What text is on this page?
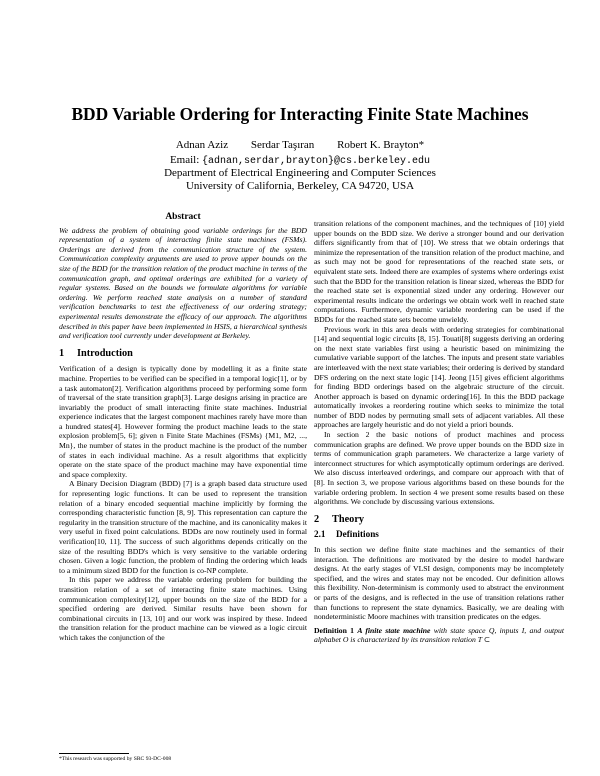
BDD Variable Ordering for Interacting Finite State Machines
Adnan Aziz Serdar Taşıran Robert K. Brayton*
Email: {adnan,serdar,brayton}@cs.berkeley.edu
Department of Electrical Engineering and Computer Sciences
University of California, Berkeley, CA 94720, USA
Abstract

We address the problem of obtaining good variable orderings for the BDD representation of a system of interacting finite state machines (FSMs). Orderings are derived from the communication structure of the system. Communication complexity arguments are used to prove upper bounds on the size of the BDD for the transition relation of the product machine in terms of the communication graph, and optimal orderings are exhibited for a variety of regular systems. Based on the bounds we formulate algorithms for variable ordering. We perform reached state analysis on a number of standard verification benchmarks to test the effectiveness of our ordering strategy; experimental results demonstrate the efficacy of our approach. The algorithms described in this paper have been implemented in HSIS, a hierarchical synthesis and verification tool currently under development at Berkeley.

1 Introduction

Verification of a design is typically done by modelling it as a finite state machine. Properties to be verified can be specified in a temporal logic[1], or by a task automaton[2]. Verification algorithms proceed by performing some form of traversal of the state transition graph[3]. Large designs arising in practice are invariably the product of small interacting finite state machines. Industrial experience indicates that the largest component machines rarely have more than a hundred states[4]. However forming the product machine leads to the state explosion problem[5, 6]; given n Finite State Machines (FSMs) {M1, M2, ..., Mn}, the number of states in the product machine is the product of the number of states in each individual machine. As a result algorithms that explicitly operate on the state space of the product machine may have exponential time and space complexity.

A Binary Decision Diagram (BDD) [7] is a graph based data structure used for representing logic functions. It can be used to represent the transition relation of a binary encoded sequential machine implicitly by forming the corresponding characteristic function [8, 9]. This representation can capture the regularity in the transition structure of the machine, and its canonicality makes it very useful in fixed point calculations. BDDs are now routinely used in formal verification[10, 11]. The success of such algorithms depends critically on the size of the resulting BDD's which is very sensitive to the variable ordering chosen. Given a logic function, the problem of finding the ordering which leads to a minimum sized BDD for the function is co-NP complete.

In this paper we address the variable ordering problem for building the transition relation of a set of interacting finite state machines. Using communication complexity[12], upper bounds on the size of the BDD for a specified ordering are derived. Similar results have been shown for combinational circuits in [13, 10] and our work was inspired by these. Indeed the transition relation for the product machine can be viewed as a logic circuit which takes the conjunction of the

transition relations of the component machines, and the techniques of [10] yield upper bounds on the BDD size. We derive a stronger bound and our derivation differs significantly from that of [10]. We stress that we obtain orderings that minimize the representation of the transition relation of the product machine, and as such may not be good for representations of the reached state sets, or equivalent state sets. Indeed there are examples of systems where orderings exist such that the BDD for the transition relation is linear sized, whereas the BDD for the reached state set is exponential sized under any ordering. However our experimental results indicate the orderings we obtain work well in reached state computations. Furthermore, dynamic variable reordering can be used if the BDDs for the reached state sets become unwieldy.

Previous work in this area deals with ordering strategies for combinational [14] and sequential logic circuits [8, 15]. Touati[8] suggests deriving an ordering on the next state variables first using a heuristic based on minimizing the cumulative variable support of the latches. The inputs and present state variables are interleaved with the next state variables; their ordering is derived by standard DFS ordering on the next state logic [14]. Jeong [15] gives efficient algorithms for finding BDD orderings based on the algebraic structure of the circuit. Another approach is based on dynamic ordering[16]. In this the BDD package automatically invokes a reordering routine which seeks to minimize the total number of BDD nodes by permuting small sets of adjacent variables. All these approaches are largely heuristic and do not yield a priori bounds.

In section 2 the basic notions of product machines and process communication graphs are defined. We prove upper bounds on the BDD size in terms of communication graph parameters. We characterize a large variety of interconnect structures for which asymptotically optimum orderings are derived. We also discuss interleaved orderings, and compare our approach with that of [8]. In section 3, we propose various algorithms based on these bounds for the variable ordering problem. In section 4 we present some results based on these algorithms. We conclude by discussing various extensions.

2 Theory
2.1 Definitions

In this section we define finite state machines and the semantics of their interaction. The definitions are motivated by the desire to model hardware designs. At the early stages of VLSI design, components may be incompletely specified, and the wires and states may not be encoded. Our definition allows this flexibility. Non-determinism is commonly used to abstract the environment or parts of the designs, and is reflected in the use of transition relations rather than functions to represent the state dynamics. Basically, we are dealing with nondeterministic Moore machines with transition predicates on the edges.

Definition 1 A finite state machine with state space Q, inputs I, and output alphabet O is characterized by its transition relation T ⊂

*This research was supported by SRC 93-DC-008
